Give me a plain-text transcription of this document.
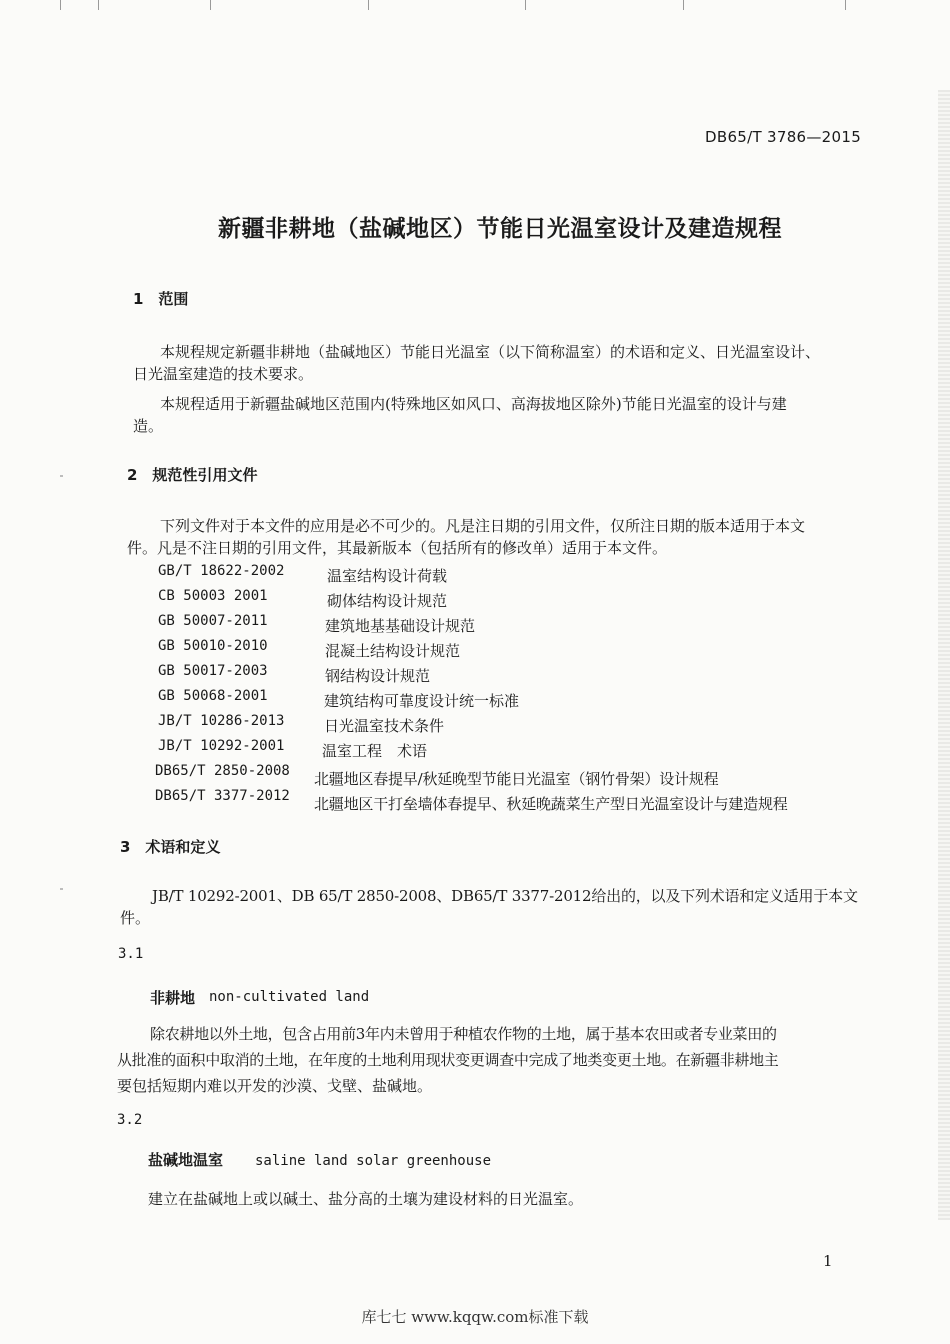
DB65/T 3786—2015
新疆非耕地（盐碱地区）节能日光温室设计及建造规程
1　范围
本规程规定新疆非耕地（盐碱地区）节能日光温室（以下简称温室）的术语和定义、日光温室设计、
日光温室建造的技术要求。
本规程适用于新疆盐碱地区范围内(特殊地区如风口、高海拔地区除外)节能日光温室的设计与建
造。
2　规范性引用文件
下列文件对于本文件的应用是必不可少的。凡是注日期的引用文件，仅所注日期的版本适用于本文
件。凡是不注日期的引用文件，其最新版本（包括所有的修改单）适用于本文件。
GB/T 18622-2002	温室结构设计荷载
CB 50003 2001	砌体结构设计规范
GB 50007-2011	建筑地基基础设计规范
GB 50010-2010	混凝土结构设计规范
GB 50017-2003	钢结构设计规范
GB 50068-2001	建筑结构可靠度设计统一标准
JB/T 10286-2013	日光温室技术条件
JB/T 10292-2001	温室工程　术语
DB65/T 2850-2008 北疆地区春提早/秋延晚型节能日光温室（钢竹骨架）设计规程
DB65/T 3377-2012 北疆地区干打垒墙体春提早、秋延晚蔬菜生产型日光温室设计与建造规程
3　术语和定义
JB/T 10292-2001、DB 65/T 2850-2008、DB65/T 3377-2012给出的，以及下列术语和定义适用于本文
件。
3.1
非耕地 non-cultivated land
除农耕地以外土地，包含占用前3年内未曾用于种植农作物的土地，属于基本农田或者专业菜田的
从批准的面积中取消的土地，在年度的土地利用现状变更调查中完成了地类变更土地。在新疆非耕地主
要包括短期内难以开发的沙漠、戈壁、盐碱地。
3.2
盐碱地温室 saline land solar greenhouse
建立在盐碱地上或以碱土、盐分高的土壤为建设材料的日光温室。
1
库七七 www.kqqw.com标准下载
